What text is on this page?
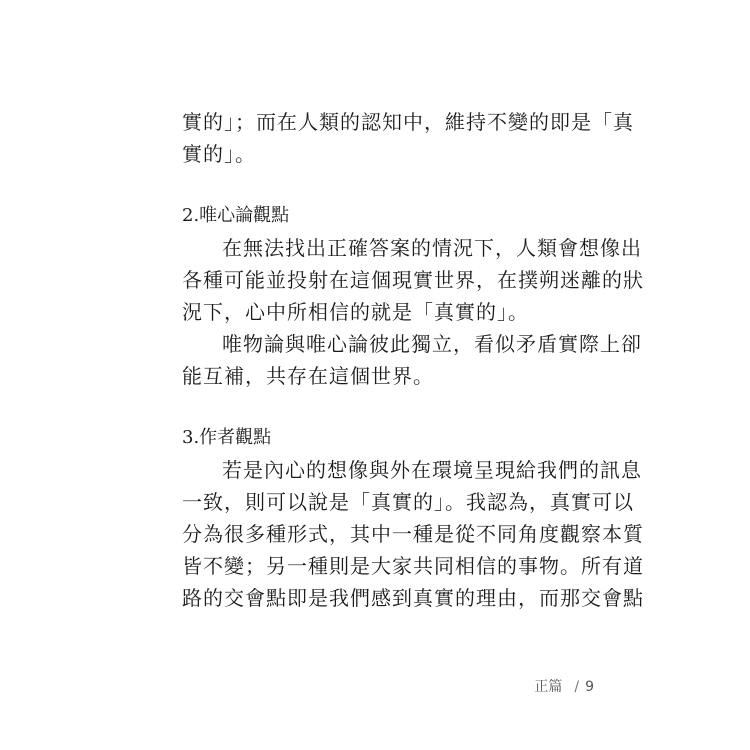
實的」；而在人類的認知中，維持不變的即是「真
實的」。
2.唯心論觀點
在無法找出正確答案的情況下，人類會想像出
各種可能並投射在這個現實世界，在撲朔迷離的狀
況下，心中所相信的就是「真實的」。
唯物論與唯心論彼此獨立，看似矛盾實際上卻
能互補，共存在這個世界。
3.作者觀點
若是內心的想像與外在環境呈現給我們的訊息
一致，則可以說是「真實的」。我認為，真實可以
分為很多種形式，其中一種是從不同角度觀察本質
皆不變；另一種則是大家共同相信的事物。所有道
路的交會點即是我們感到真實的理由，而那交會點
正篇 / 9
